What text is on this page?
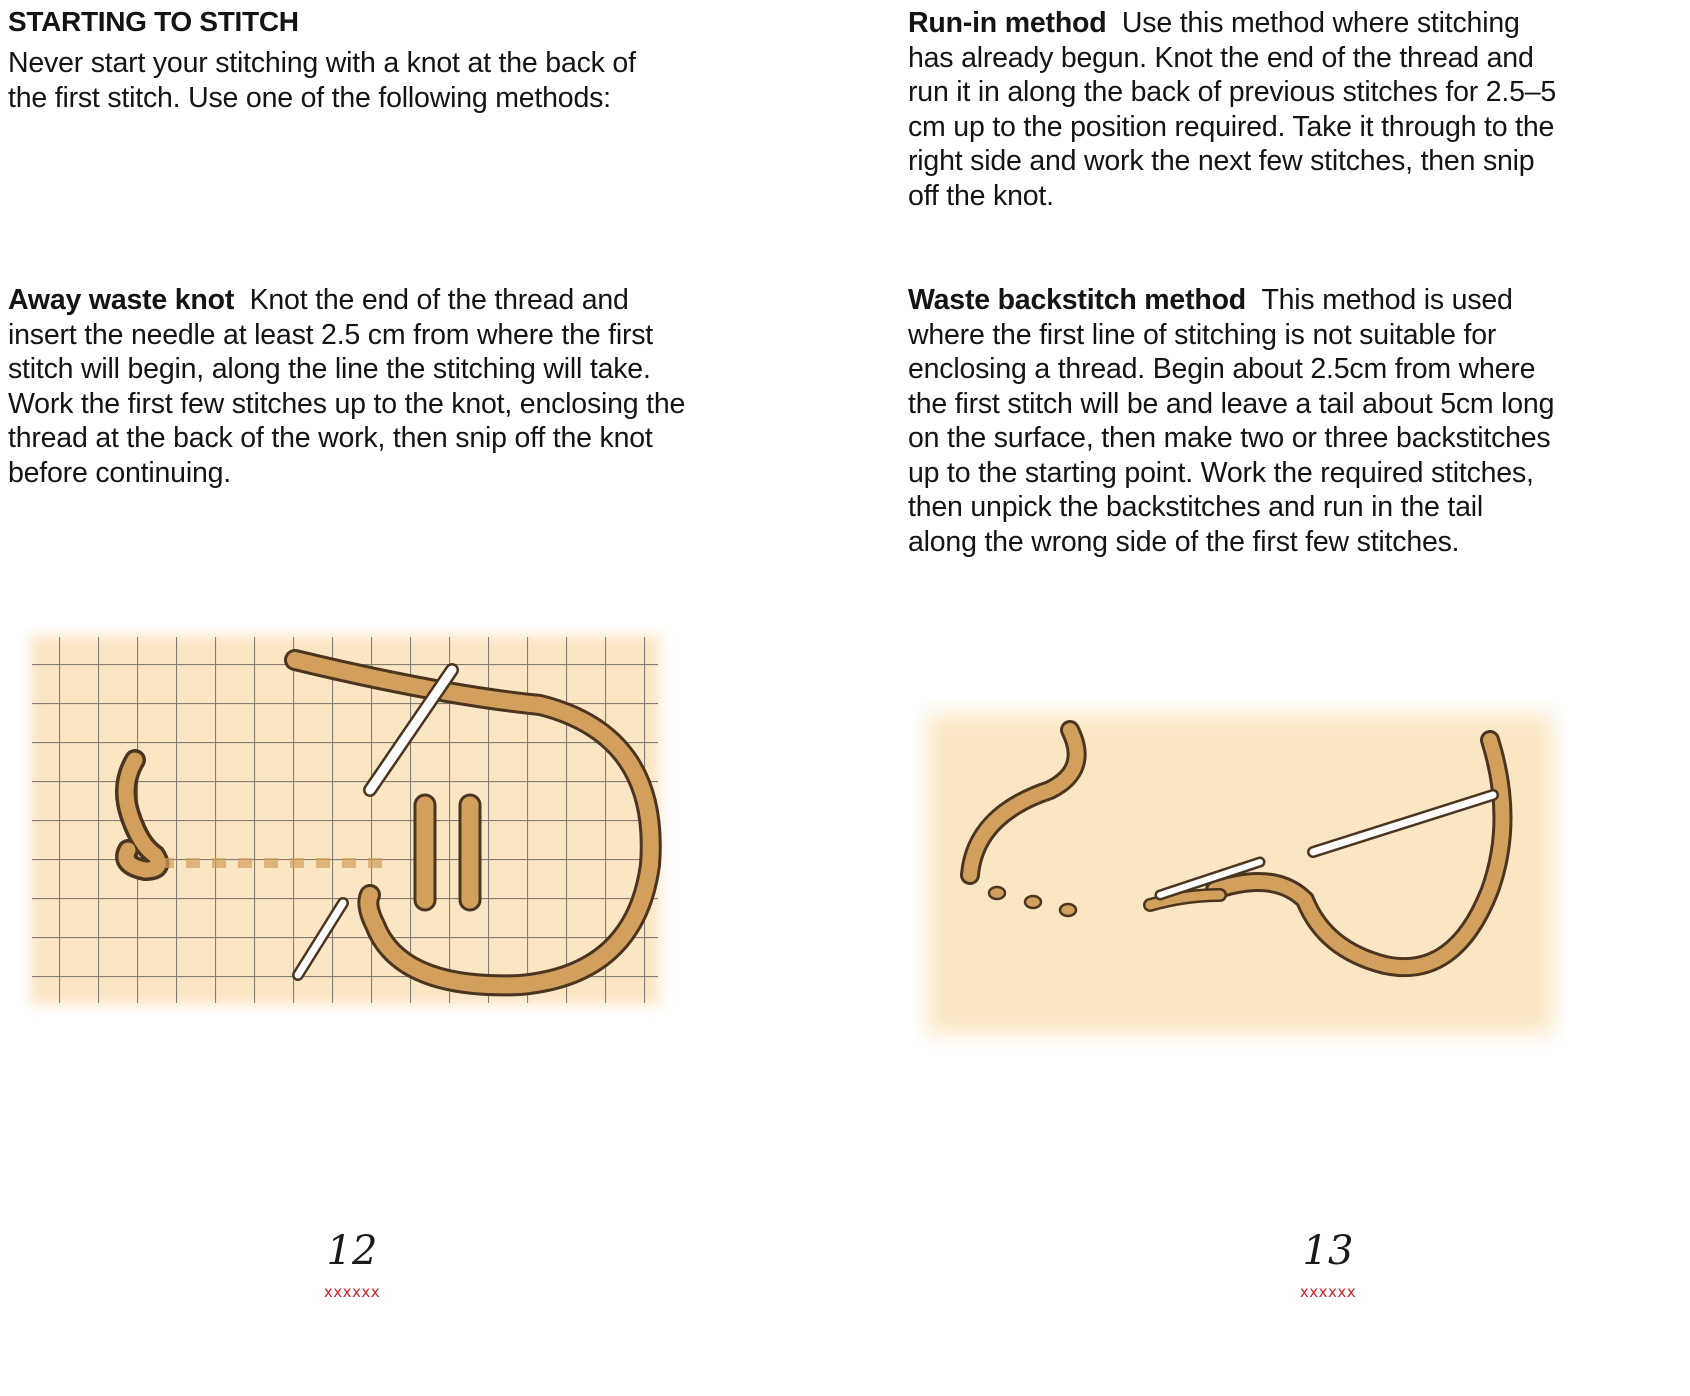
STARTING TO STITCH
Never start your stitching with a knot at the back of the first stitch. Use one of the following methods:
Away waste knot Knot the end of the thread and insert the needle at least 2.5 cm from where the first stitch will begin, along the line the stitching will take. Work the first few stitches up to the knot, enclosing the thread at the back of the work, then snip off the knot before continuing.
12
xxxxxx
Run-in method Use this method where stitching has already begun. Knot the end of the thread and run it in along the back of previous stitches for 2.5–5 cm up to the position required. Take it through to the right side and work the next few stitches, then snip off the knot.
Waste backstitch method This method is used where the first line of stitching is not suitable for enclosing a thread. Begin about 2.5cm from where the first stitch will be and leave a tail about 5cm long on the surface, then make two or three backstitches up to the starting point. Work the required stitches, then unpick the backstitches and run in the tail along the wrong side of the first few stitches.
13
xxxxxx
